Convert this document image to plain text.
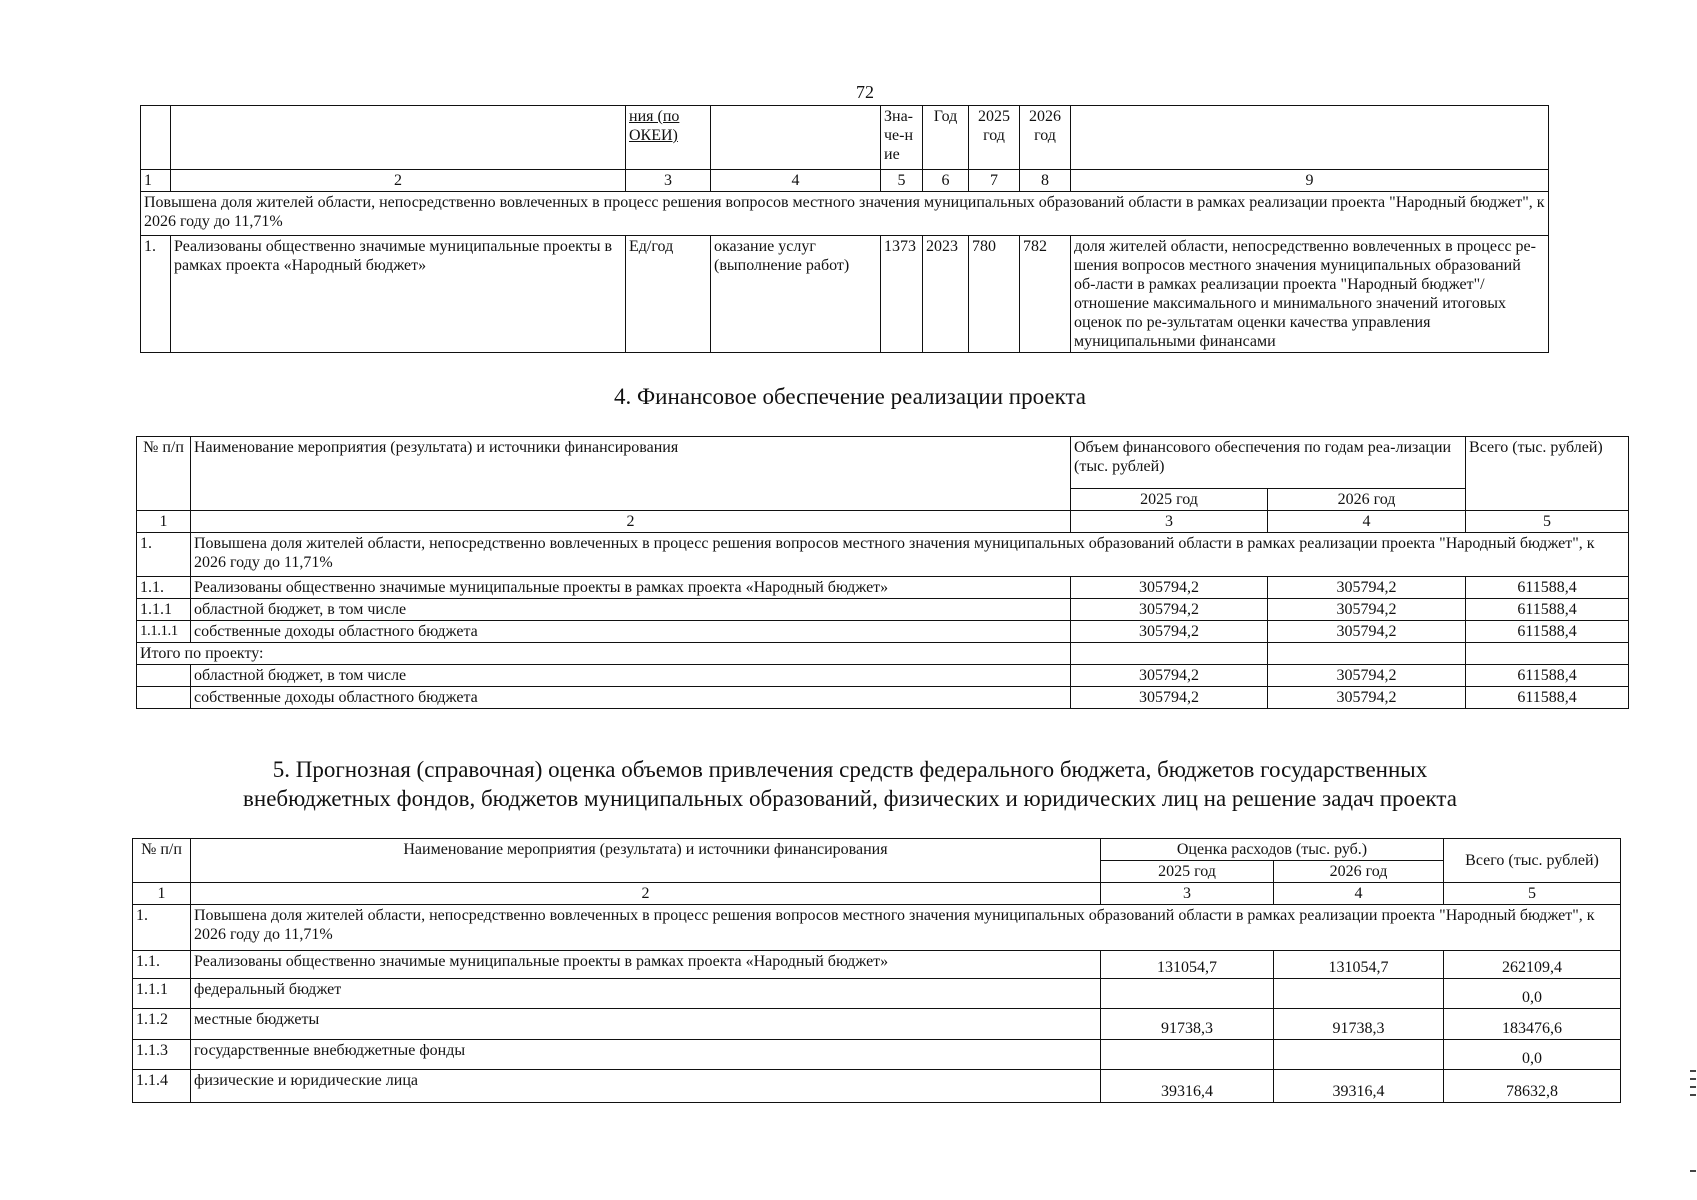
72
		ния (по ОКЕИ)		Зна-че-ние	Год	2025 год	2026 год	
1	2	3	4	5	6	7	8	9
Повышена доля жителей области, непосредственно вовлеченных в процесс решения вопросов местного значения муниципальных образований области в рамках реализации проекта "Народный бюджет", к 2026 году до 11,71%								
1.	Реализованы общественно значимые муниципальные проекты в рамках проекта «Народный бюджет»	Ед/год	оказание услуг (выполнение работ)	1373	2023	780	782	доля жителей области, непосредственно вовлеченных в процесс ре-шения вопросов местного значения муниципальных образований об-ласти в рамках реализации проекта "Народный бюджет"/ отношение максимального и минимального значений итоговых оценок по ре-зультатам оценки качества управления муниципальными финансами
4. Финансовое обеспечение реализации проекта
№ п/п	Наименование мероприятия (результата) и источники финансирования	Объем финансового обеспечения по годам реа-лизации (тыс. рублей)		Всего (тыс. рублей)
		2025 год	2026 год	
1	2	3	4	5
1.	Повышена доля жителей области, непосредственно вовлеченных в процесс решения вопросов местного значения муниципальных образований области в рамках реализации проекта "Народный бюджет", к 2026 году до 11,71%			
1.1.	Реализованы общественно значимые муниципальные проекты в рамках проекта «Народный бюджет»	305794,2	305794,2	611588,4
1.1.1	областной бюджет, в том числе	305794,2	305794,2	611588,4
1.1.1.1	собственные доходы областного бюджета	305794,2	305794,2	611588,4
Итого по проекту:				
	областной бюджет, в том числе	305794,2	305794,2	611588,4
	собственные доходы областного бюджета	305794,2	305794,2	611588,4
5. Прогнозная (справочная) оценка объемов привлечения средств федерального бюджета, бюджетов государственных
внебюджетных фондов, бюджетов муниципальных образований, физических и юридических лиц на решение задач проекта
№ п/п	Наименование мероприятия (результата) и источники финансирования	Оценка расходов (тыс. руб.)		Всего (тыс. рублей)
		2025 год	2026 год	
1	2	3	4	5
1.	Повышена доля жителей области, непосредственно вовлеченных в процесс решения вопросов местного значения муниципальных образований области в рамках реализации проекта "Народный бюджет", к 2026 году до 11,71%			
1.1.	Реализованы общественно значимые муниципальные проекты в рамках проекта «Народный бюджет»	131054,7	131054,7	262109,4
1.1.1	федеральный бюджет			0,0
1.1.2	местные бюджеты	91738,3	91738,3	183476,6
1.1.3	государственные внебюджетные фонды			0,0
1.1.4	физические и юридические лица	39316,4	39316,4	78632,8
